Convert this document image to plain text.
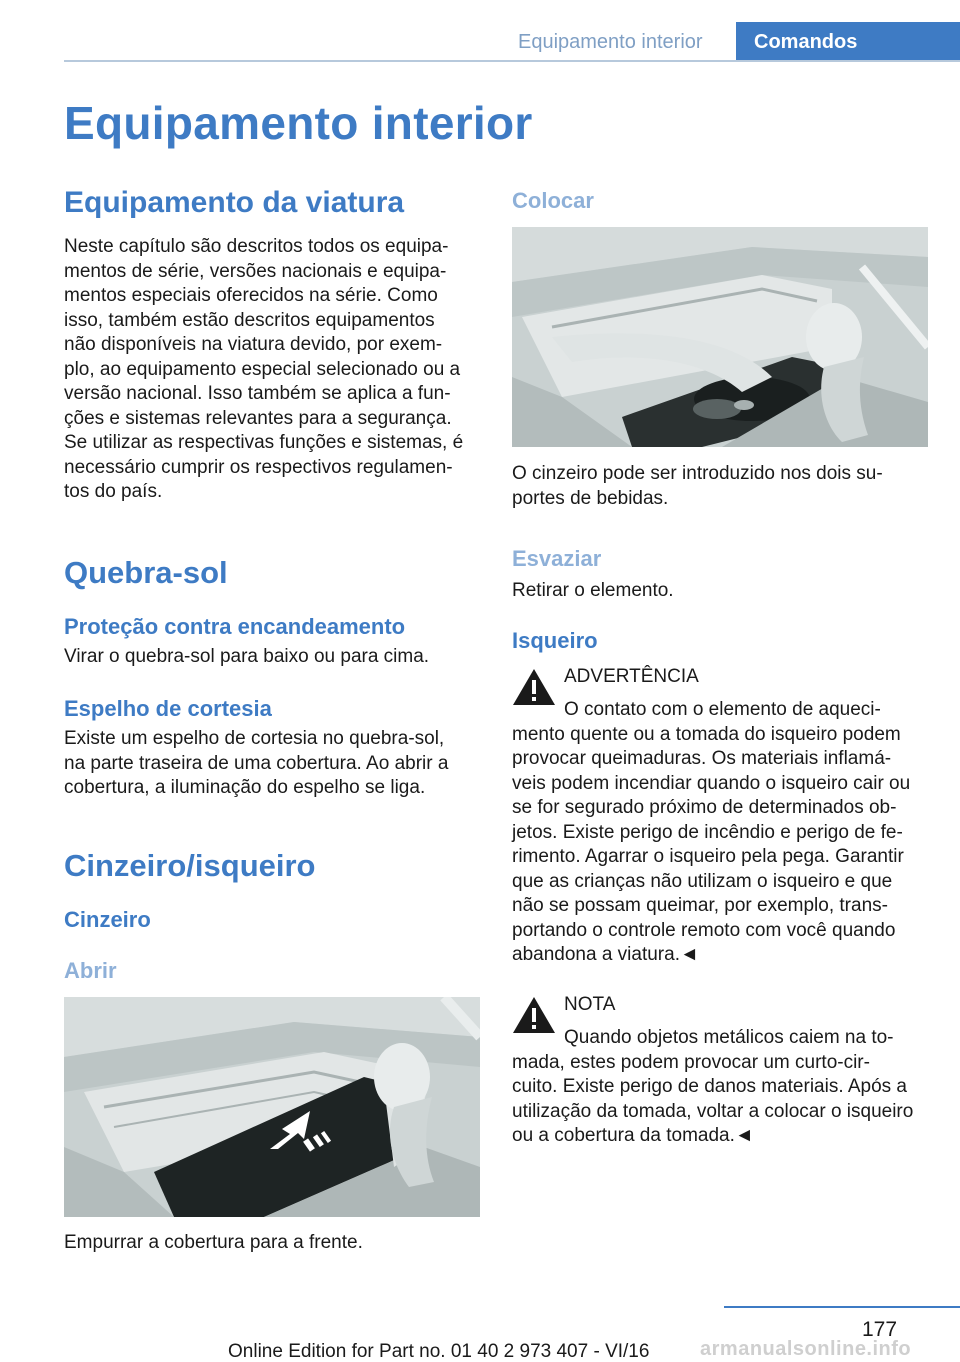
Equipamento interior	Comandos
Equipamento interior
Equipamento da viatura
Neste capítulo são descritos todos os equipa‐
mentos de série, versões nacionais e equipa‐
mentos especiais oferecidos na série. Como
isso, também estão descritos equipamentos
não disponíveis na viatura devido, por exem‐
plo, ao equipamento especial selecionado ou a
versão nacional. Isso também se aplica a fun‐
ções e sistemas relevantes para a segurança.
Se utilizar as respectivas funções e sistemas, é
necessário cumprir os respectivos regulamen‐
tos do país.
Quebra-sol
Proteção contra encandeamento
Virar o quebra-sol para baixo ou para cima.
Espelho de cortesia
Existe um espelho de cortesia no quebra-sol,
na parte traseira de uma cobertura. Ao abrir a
cobertura, a iluminação do espelho se liga.
Cinzeiro/isqueiro
Cinzeiro
Abrir
Empurrar a cobertura para a frente.
Colocar
O cinzeiro pode ser introduzido nos dois su‐
portes de bebidas.
Esvaziar
Retirar o elemento.
Isqueiro
ADVERTÊNCIA
O contato com o elemento de aqueci‐
mento quente ou a tomada do isqueiro podem
provocar queimaduras. Os materiais inflamá‐
veis podem incendiar quando o isqueiro cair ou
se for segurado próximo de determinados ob‐
jetos. Existe perigo de incêndio e perigo de fe‐
rimento. Agarrar o isqueiro pela pega. Garantir
que as crianças não utilizam o isqueiro e que
não se possam queimar, por exemplo, trans‐
portando o controle remoto com você quando
abandona a viatura.◄
NOTA
Quando objetos metálicos caiem na to‐
mada, estes podem provocar um curto-cir‐
cuito. Existe perigo de danos materiais. Após a
utilização da tomada, voltar a colocar o isqueiro
ou a cobertura da tomada.◄
177
Online Edition for Part no. 01 40 2 973 407 - VI/16	armanualsonline.info
